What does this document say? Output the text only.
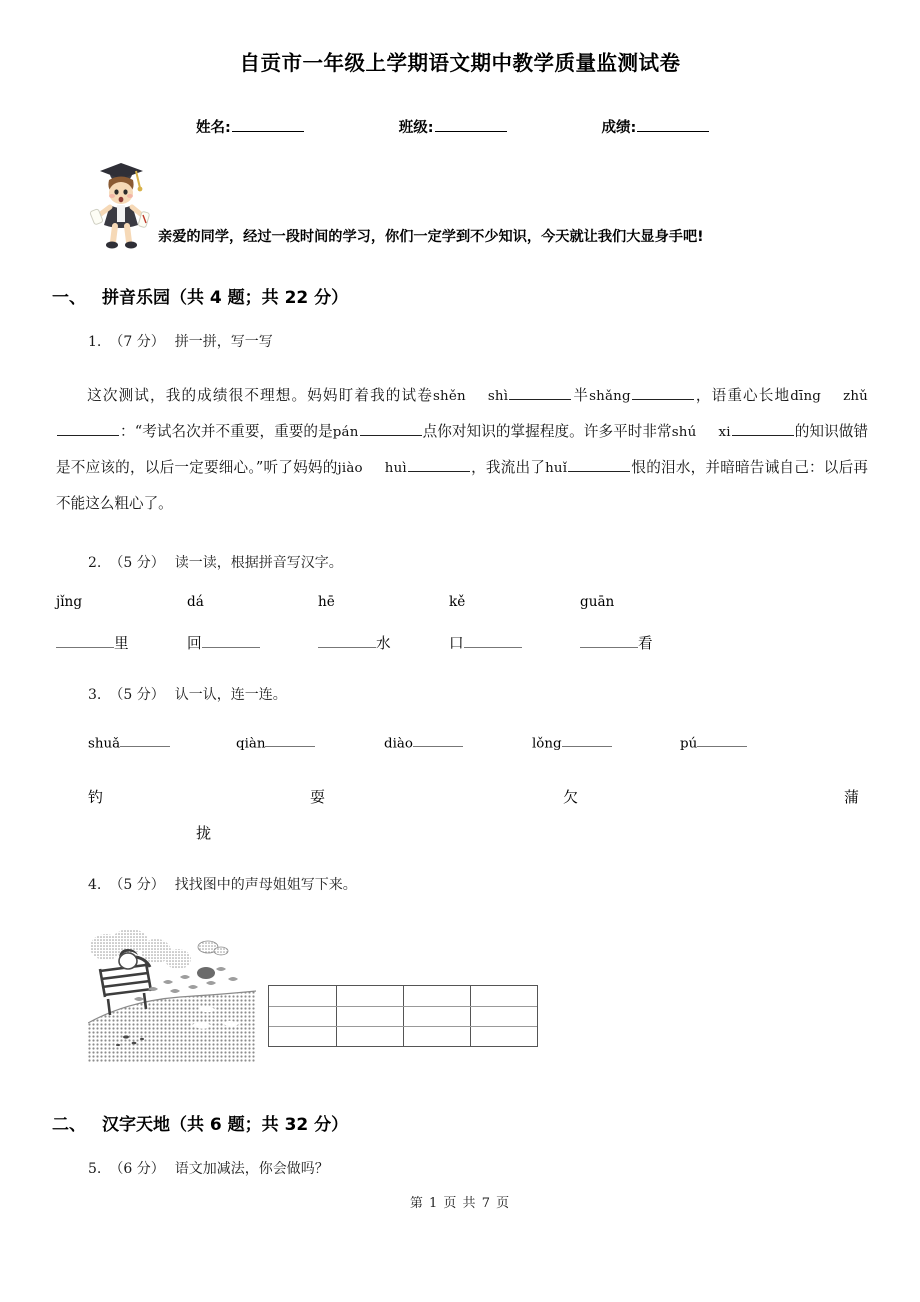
自贡市一年级上学期语文期中教学质量监测试卷
姓名:	班级:	成绩:
亲爱的同学，经过一段时间的学习，你们一定学到不少知识，今天就让我们大显身手吧!
一、 拼音乐园（共 4 题；共 22 分）
1. （7 分） 拼一拼，写一写
这次测试，我的成绩很不理想。妈妈盯着我的试卷shěn shì	半shǎng	，语重心长地dīng zhǔ：“考试名次并不重要，重要的是pán	点你对知识的掌握程度。许多平时非常shú xi	的知识做错是不应该的，以后一定要细心。”听了妈妈的jiào huì	，我流出了huǐ	恨的泪水，并暗暗告诫自己：以后再不能这么粗心了。
2. （5 分） 读一读，根据拼音写汉字。
jǐng	dá	hē	kě	guān
里	回	水	口	看
3. （5 分） 认一认，连一连。
shuǎ	qiàn	diào	lǒng	pú
钓	耍	欠	蒲
拢
4. （5 分） 找找图中的声母姐姐写下来。
二、 汉字天地（共 6 题；共 32 分）
5. （6 分） 语文加减法，你会做吗？
第 1 页 共 7 页
